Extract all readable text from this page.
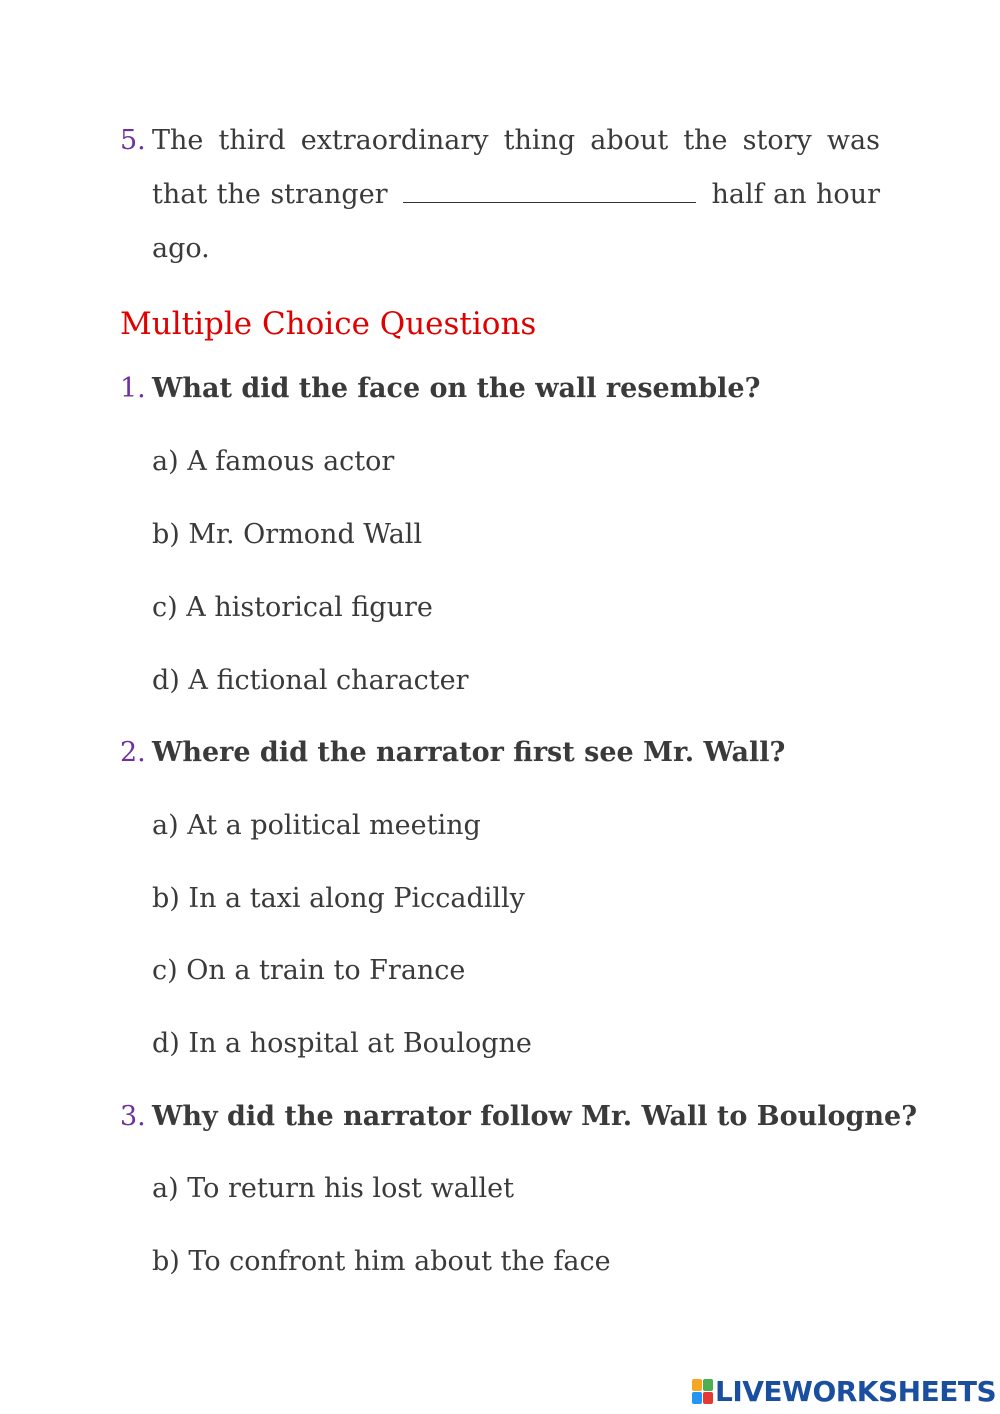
5. The third extraordinary thing about the story was that the stranger	half an hour ago.
Multiple Choice Questions
1. What did the face on the wall resemble?
a) A famous actor
b) Mr. Ormond Wall
c) A historical figure
d) A fictional character
2. Where did the narrator first see Mr. Wall?
a) At a political meeting
b) In a taxi along Piccadilly
c) On a train to France
d) In a hospital at Boulogne
3. Why did the narrator follow Mr. Wall to Boulogne?
a) To return his lost wallet
b) To confront him about the face
LIVEWORKSHEETS
